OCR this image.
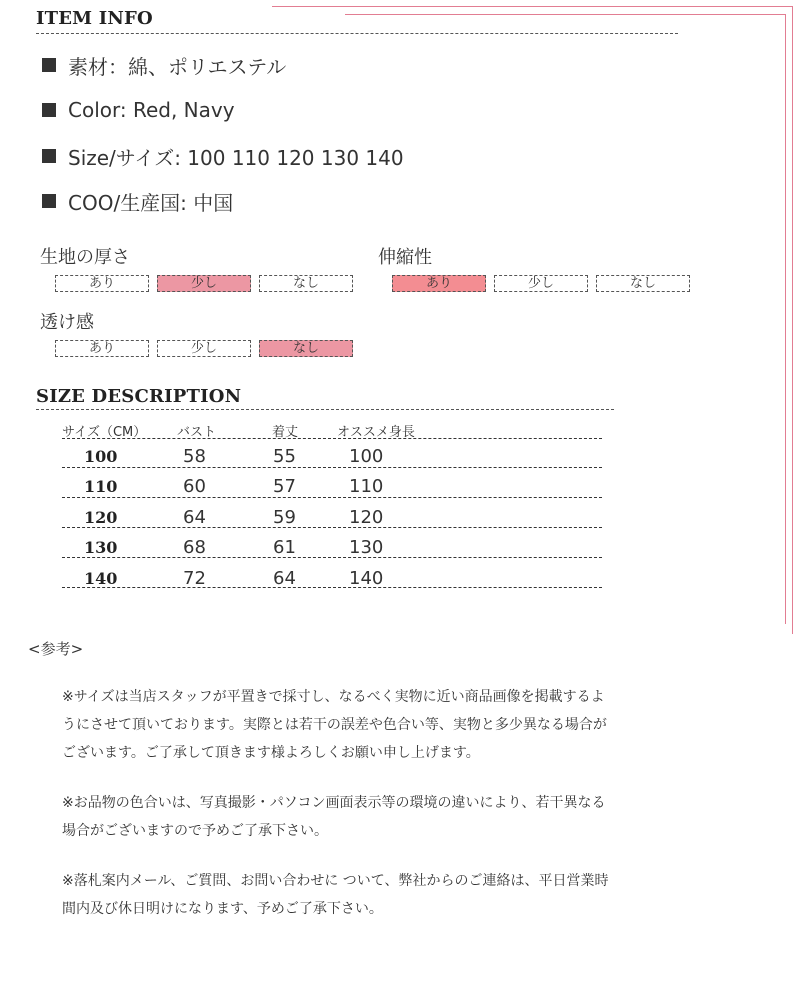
ITEM INFO
素材：綿、ポリエステル
Color: Red, Navy
Size/サイズ: 100 110 120 130 140
COO/生産国: 中国
生地の厚さ
あり	少し	なし
伸縮性
あり	少し	なし
透け感
あり	少し	なし
SIZE DESCRIPTION
サイズ（CM） バスト	着丈	オススメ身長
100	58	55	100
110	60	57	110
120	64	59	120
130	68	61	130
140	72	64	140
<参考>
※サイズは当店スタッフが平置きで採寸し、なるべく実物に近い商品画像を掲載するよ
うにさせて頂いております。実際とは若干の誤差や色合い等、実物と多少異なる場合が
ございます。ご了承して頂きます様よろしくお願い申し上げます。
※お品物の色合いは、写真撮影・パソコン画面表示等の環境の違いにより、若干異なる
場合がございますので予めご了承下さい。
※落札案内メール、ご質問、お問い合わせに ついて、弊社からのご連絡は、平日営業時
間内及び休日明けになります、予めご了承下さい。
